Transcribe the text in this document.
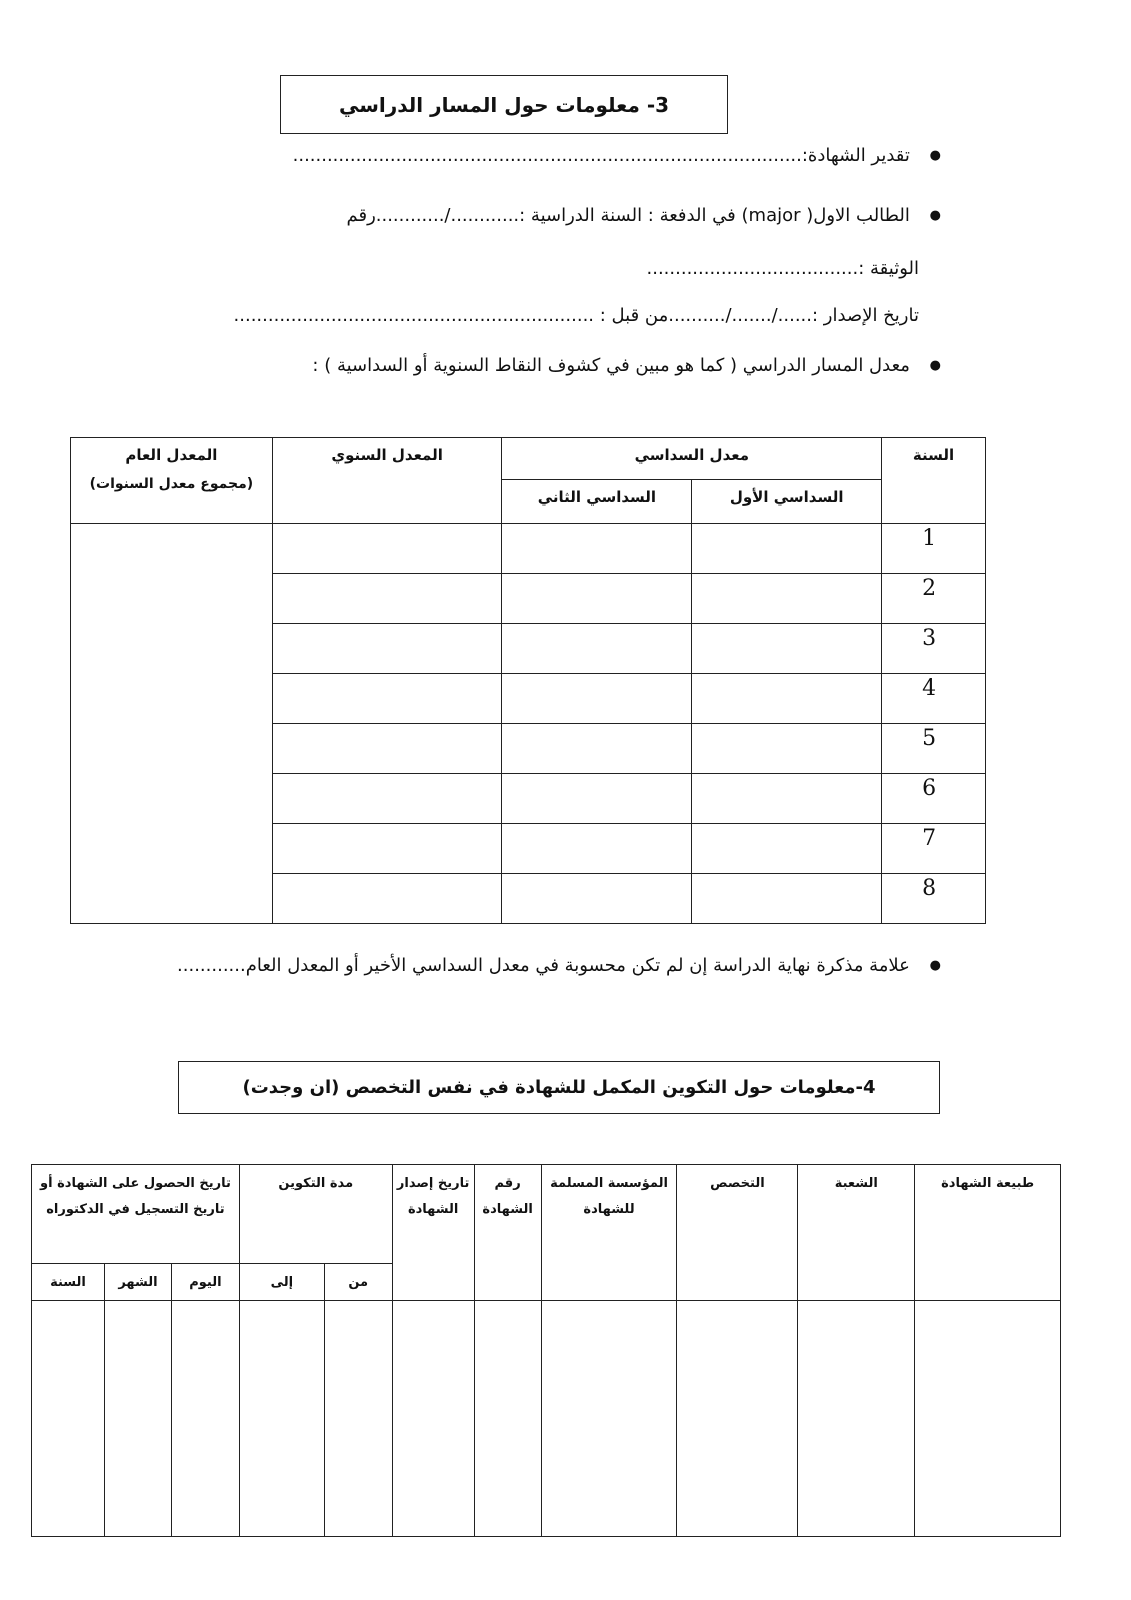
3- معلومات حول المسار الدراسي
● تقدير الشهادة:.........................................................................................
● الطالب الاول( major) في الدفعة : السنة الدراسية :............/............رقم
الوثيقة :.....................................
تاريخ الإصدار :....../......./..........من قبل : ...............................................................
● معدل المسار الدراسي ( كما هو مبين في كشوف النقاط السنوية أو السداسية ) :
السنة	معدل السداسي		المعدل السنوي	المعدل العام
(مجموع معدل السنوات)

	السداسي الأول	السداسي الثاني		
1				
2				
3				
4				
5				
6				
7				
8				
● علامة مذكرة نهاية الدراسة إن لم تكن محسوبة في معدل السداسي الأخير أو المعدل العام............
4-معلومات حول التكوين المكمل للشهادة في نفس التخصص (ان وجدت)
طبيعة الشهادة	الشعبة	التخصص	المؤسسة المسلمة للشهادة	رقم الشهادة	تاريخ إصدار الشهادة	مدة التكوين		تاريخ الحصول على الشهادة أو تاريخ التسجيل في الدكتوراه		
						من	إلى	اليوم	الشهر	السنة
